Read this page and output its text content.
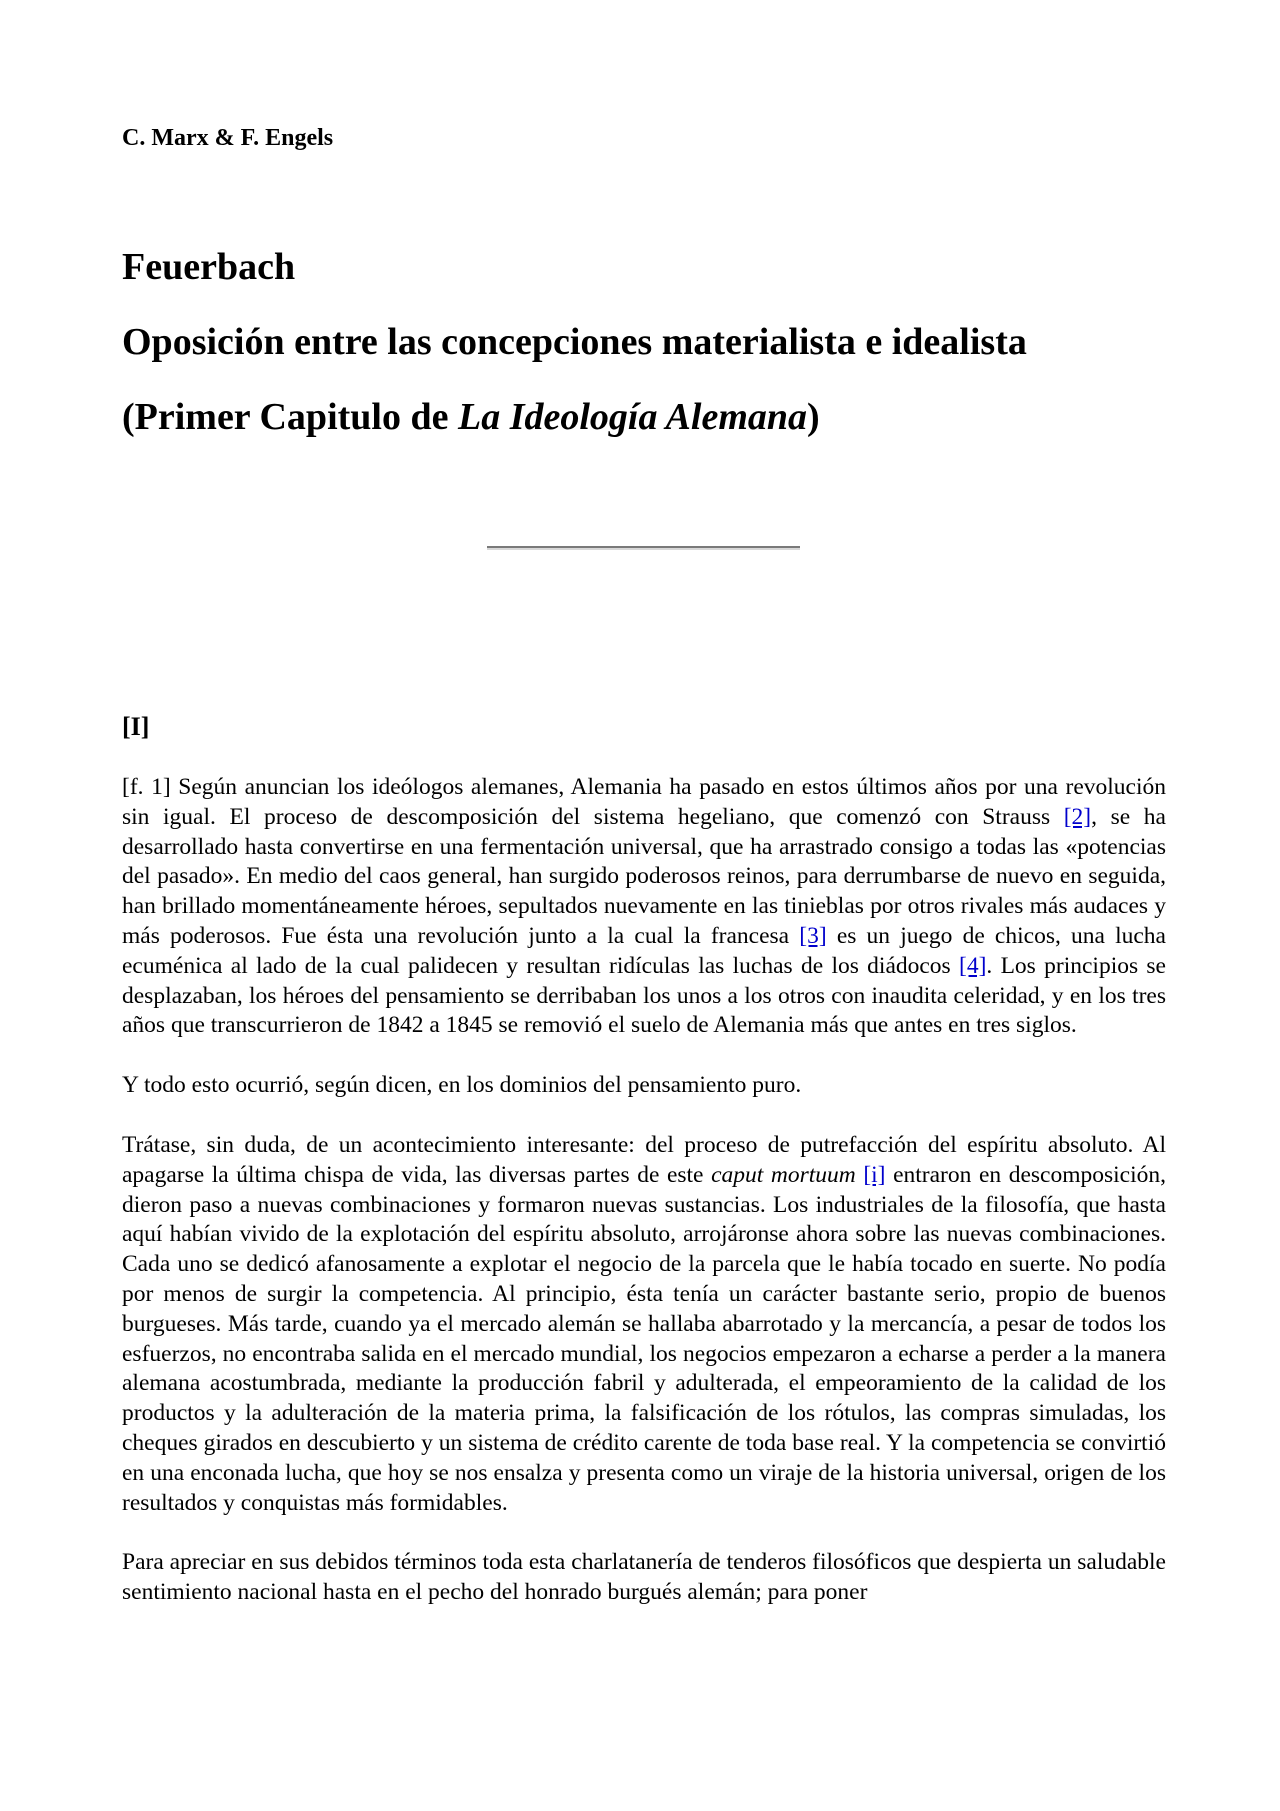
C. Marx & F. Engels

Feuerbach
Oposición entre las concepciones materialista e idealista
(Primer Capitulo de La Ideología Alemana)
[I]

[f. 1] Según anuncian los ideólogos alemanes, Alemania ha pasado en estos últimos años por una revolución sin igual. El proceso de descomposición del sistema hegeliano, que comenzó con Strauss [2], se ha desarrollado hasta convertirse en una fermentación universal, que ha arrastrado consigo a todas las «potencias del pasado». En medio del caos general, han surgido poderosos reinos, para derrumbarse de nuevo en seguida, han brillado momentáneamente héroes, sepultados nuevamente en las tinieblas por otros rivales más audaces y más poderosos. Fue ésta una revolución junto a la cual la francesa [3] es un juego de chicos, una lucha ecuménica al lado de la cual palidecen y resultan ridículas las luchas de los diádocos [4]. Los principios se desplazaban, los héroes del pensamiento se derribaban los unos a los otros con inaudita celeridad, y en los tres años que transcurrieron de 1842 a 1845 se removió el suelo de Alemania más que antes en tres siglos.

Y todo esto ocurrió, según dicen, en los dominios del pensamiento puro.

Trátase, sin duda, de un acontecimiento interesante: del proceso de putrefacción del espíritu absoluto. Al apagarse la última chispa de vida, las diversas partes de este caput mortuum [i] entraron en descomposición, dieron paso a nuevas combinaciones y formaron nuevas sustancias. Los industriales de la filosofía, que hasta aquí habían vivido de la explotación del espíritu absoluto, arrojáronse ahora sobre las nuevas combinaciones. Cada uno se dedicó afanosamente a explotar el negocio de la parcela que le había tocado en suerte. No podía por menos de surgir la competencia. Al principio, ésta tenía un carácter bastante serio, propio de buenos burgueses. Más tarde, cuando ya el mercado alemán se hallaba abarrotado y la mercancía, a pesar de todos los esfuerzos, no encontraba salida en el mercado mundial, los negocios empezaron a echarse a perder a la manera alemana acostumbrada, mediante la producción fabril y adulterada, el empeoramiento de la calidad de los productos y la adulteración de la materia prima, la falsificación de los rótulos, las compras simuladas, los cheques girados en descubierto y un sistema de crédito carente de toda base real. Y la competencia se convirtió en una enconada lucha, que hoy se nos ensalza y presenta como un viraje de la historia universal, origen de los resultados y conquistas más formidables.

Para apreciar en sus debidos términos toda esta charlatanería de tenderos filosóficos que despierta un saludable sentimiento nacional hasta en el pecho del honrado burgués alemán; para poner
